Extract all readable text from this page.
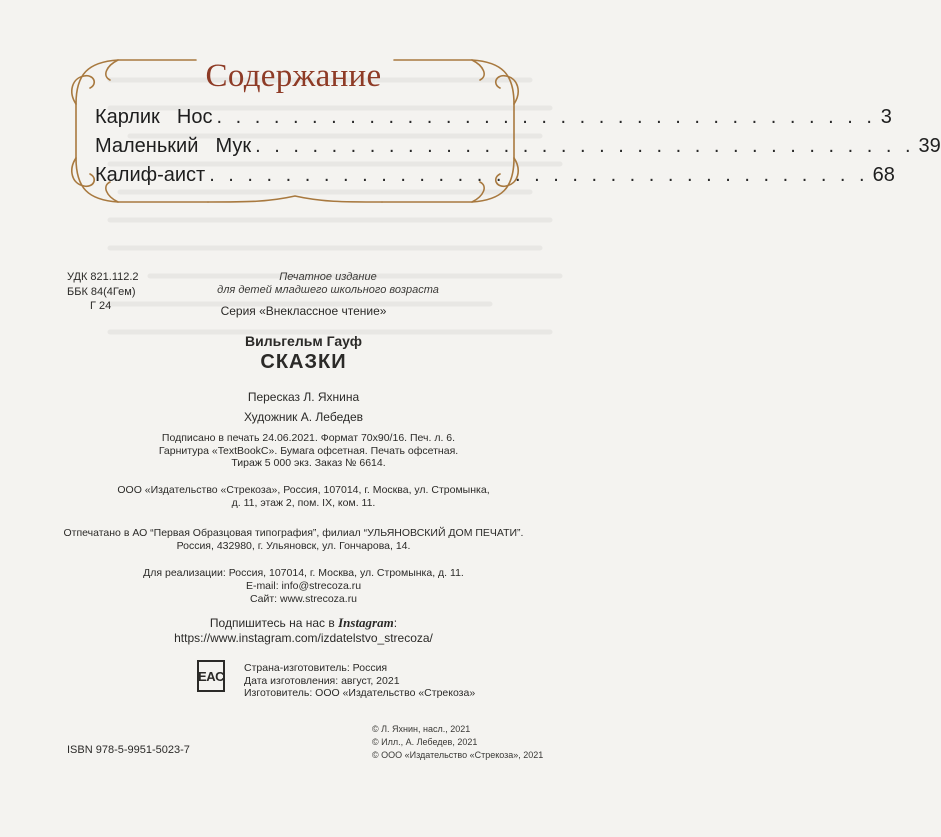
Содержание
Карлик  Нос . . . . . . . . . . . . . . . . . . . . . . . . . . . . . . . . . . . 3
Маленький  Мук . . . . . . . . . . . . . . . . . . . . . . . . . . . . . . . . . . . 39
Калиф-аист . . . . . . . . . . . . . . . . . . . . . . . . . . . . . . . . . . . 68
УДК 821.112.2
ББК 84(4Гем)
Г 24
Печатное издание
для детей младшего школьного возраста
Серия «Внеклассное чтение»
Вильгельм Гауф
СКАЗКИ
Пересказ Л. Яхнина
Художник А. Лебедев
Подписано в печать 24.06.2021. Формат 70х90/16. Печ. л. 6.
Гарнитура «TextBookC». Бумага офсетная. Печать офсетная.
Тираж 5 000 экз. Заказ № 6614.
ООО «Издательство «Стрекоза», Россия, 107014, г. Москва, ул. Стромынка,
д. 11, этаж 2, пом. IX, ком. 11.
Отпечатано в АО “Первая Образцовая типография”, филиал “УЛЬЯНОВСКИЙ ДОМ ПЕЧАТИ”.
Россия, 432980, г. Ульяновск, ул. Гончарова, 14.
Для реализации: Россия, 107014, г. Москва, ул. Стромынка, д. 11.
E-mail: info@strecoza.ru
Сайт: www.strecoza.ru
Подпишитесь на нас в Instagram:
https://www.instagram.com/izdatelstvo_strecoza/
EAC
Страна-изготовитель: Россия
Дата изготовления: август, 2021
Изготовитель: ООО «Издательство «Стрекоза»
ISBN 978-5-9951-5023-7
© Л. Яхнин, насл., 2021
© Илл., А. Лебедев, 2021
© ООО «Издательство «Стрекоза», 2021
